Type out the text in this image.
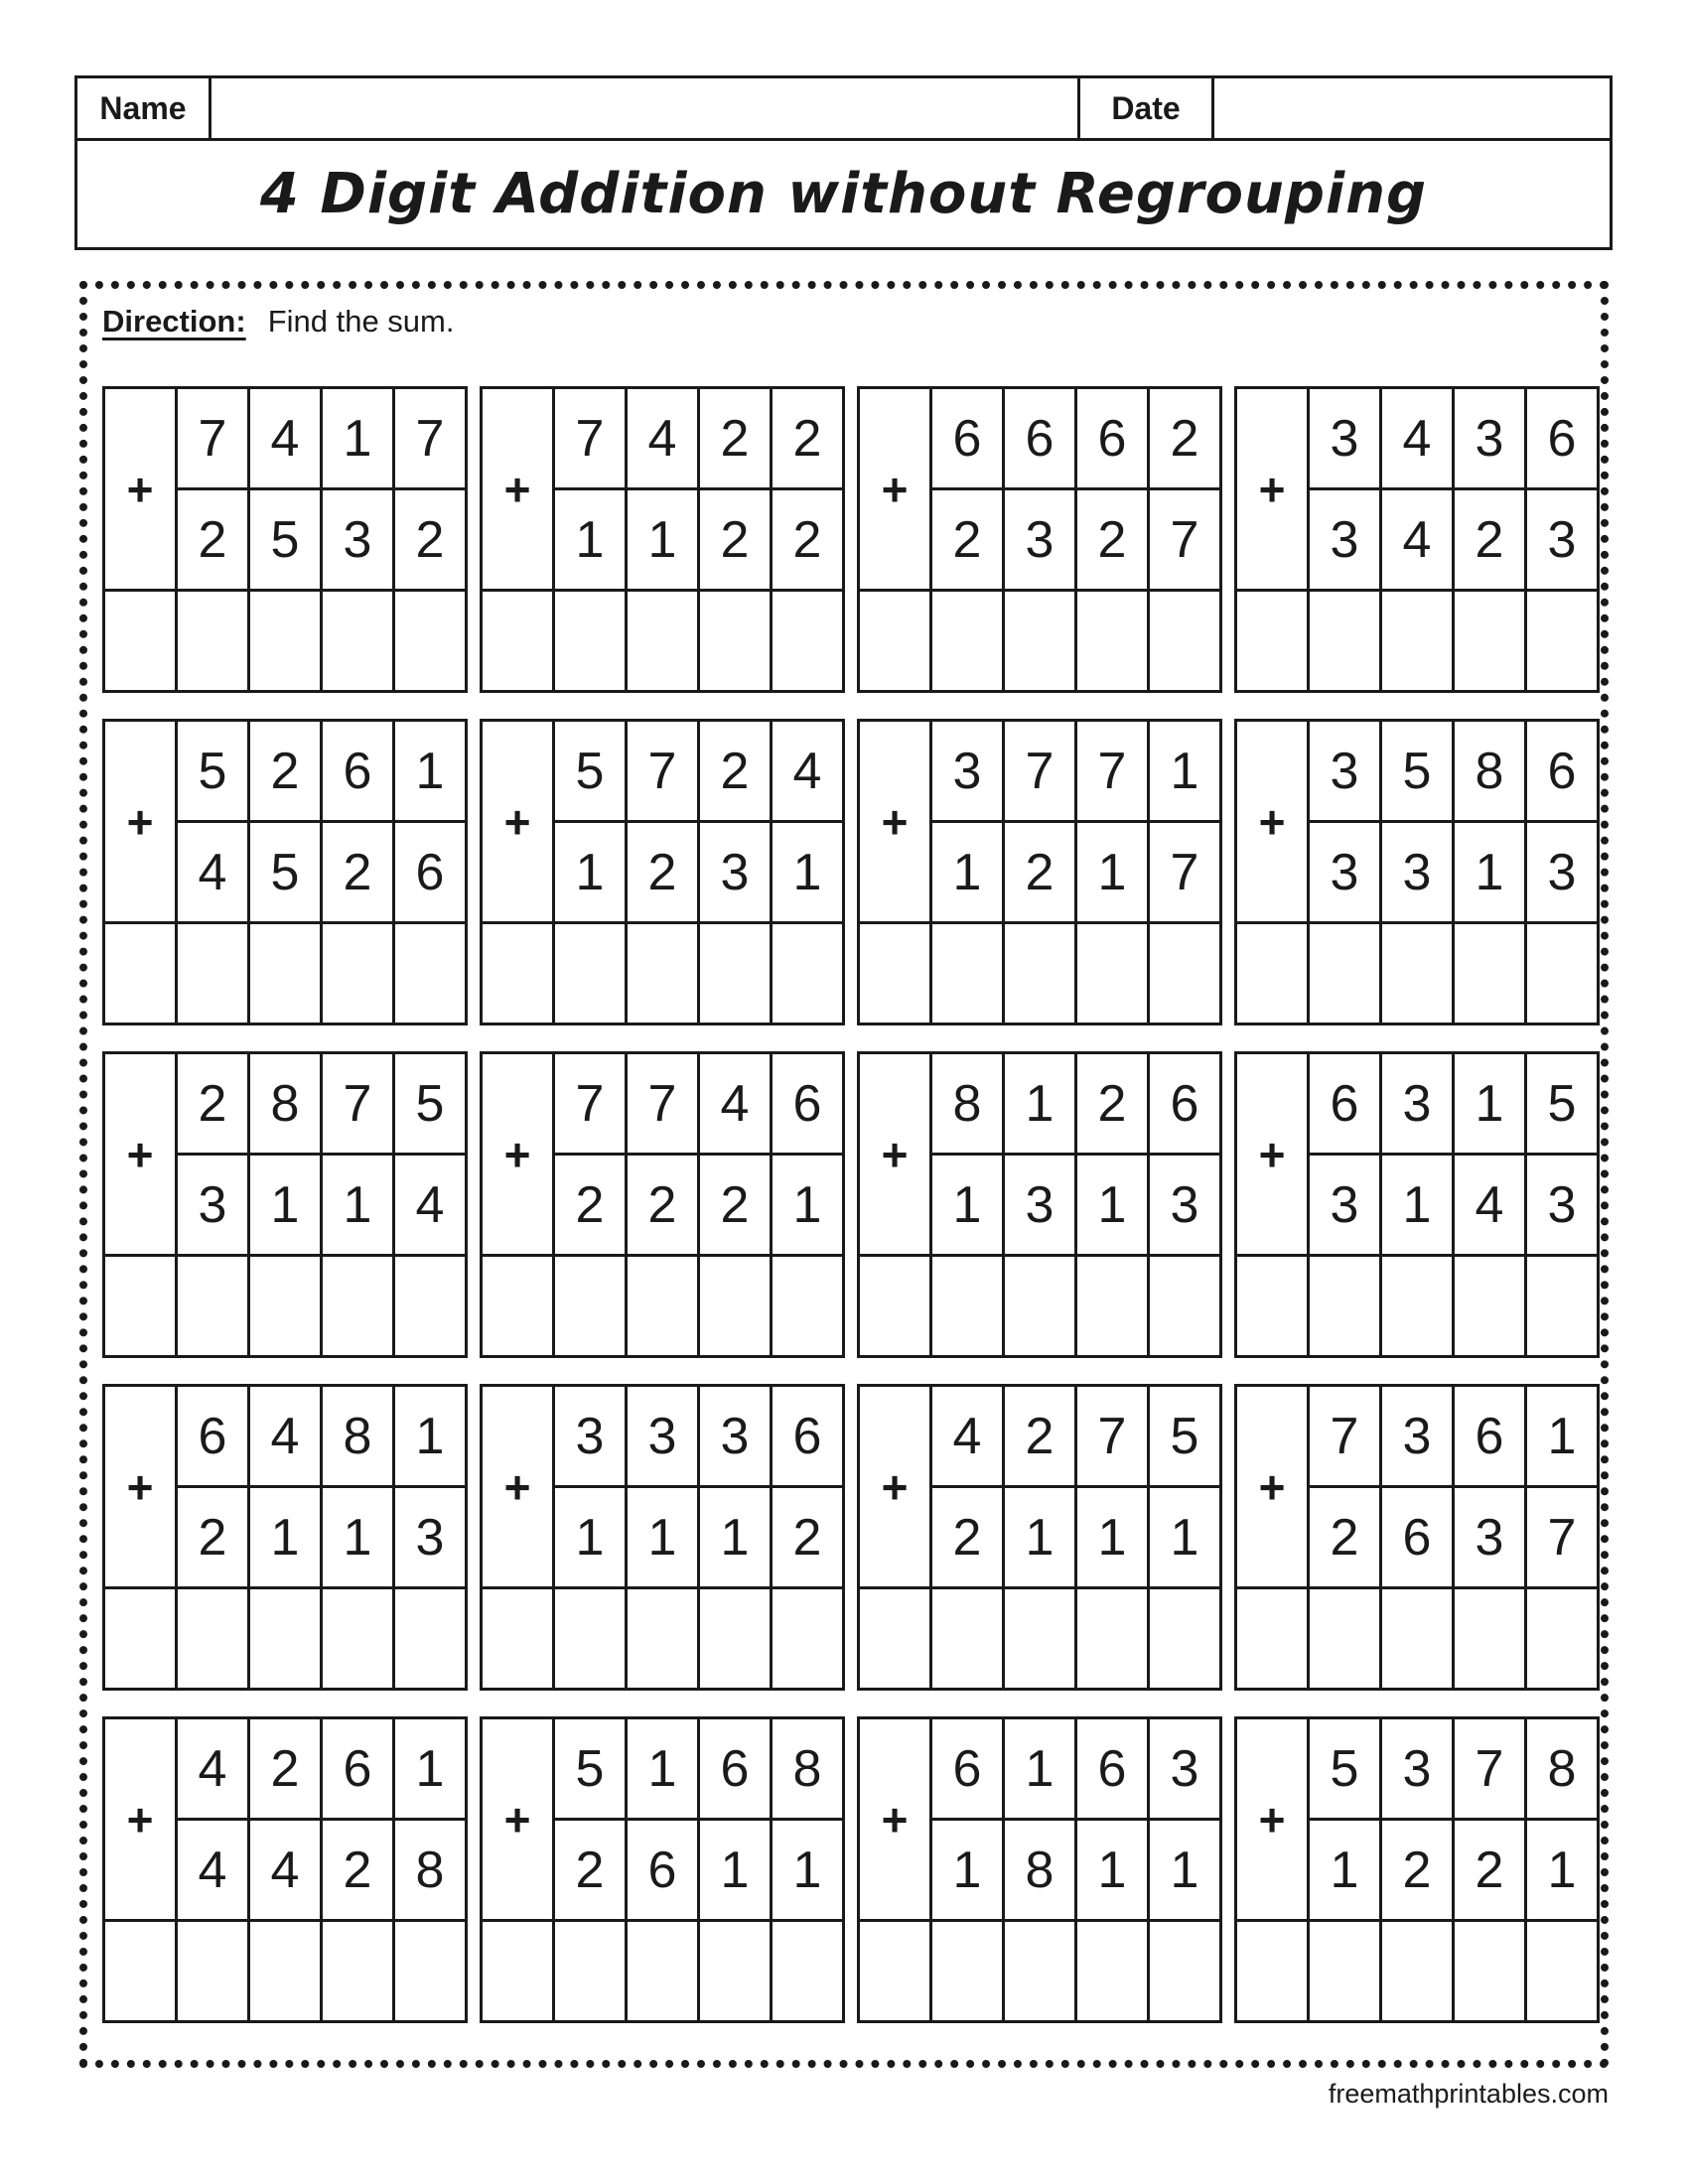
Name	Date
4 Digit Addition without Regrouping
Direction: Find the sum.
+	7	4	1	7
	2	5	3	2

+	7	4	2	2
	1	1	2	2

+	6	6	6	2
	2	3	2	7

+	3	4	3	6
	3	4	2	3

+	5	2	6	1
	4	5	2	6

+	5	7	2	4
	1	2	3	1

+	3	7	7	1
	1	2	1	7

+	3	5	8	6
	3	3	1	3

+	2	8	7	5
	3	1	1	4

+	7	7	4	6
	2	2	2	1

+	8	1	2	6
	1	3	1	3

+	6	3	1	5
	3	1	4	3

+	6	4	8	1
	2	1	1	3

+	3	3	3	6
	1	1	1	2

+	4	2	7	5
	2	1	1	1

+	7	3	6	1
	2	6	3	7

+	4	2	6	1
	4	4	2	8

+	5	1	6	8
	2	6	1	1

+	6	1	6	3
	1	8	1	1

+	5	3	7	8
	1	2	2	1

freemathprintables.com
